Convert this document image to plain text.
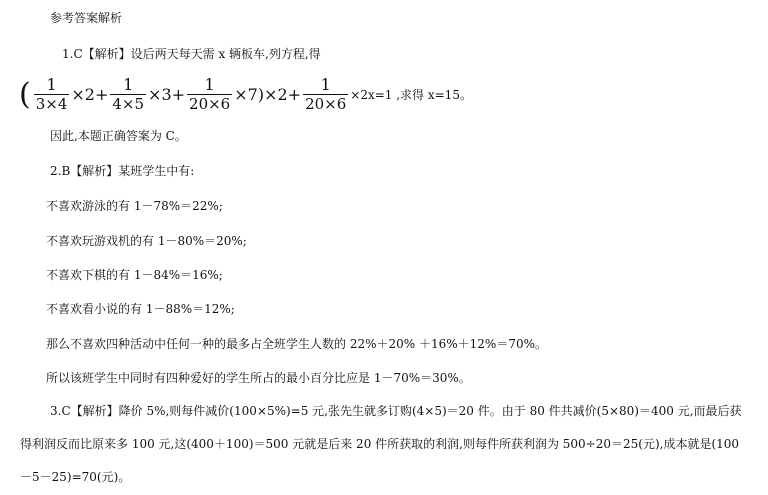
参考答案解析
1.C【解析】设后两天每天需 x 辆板车,列方程,得
( $\frac{1}{3\times 4} \times 2+ \frac{1}{4\times 5} \times 3+ \frac{1}{20\times 6} \times 7)\times 2+ \frac{1}{20\times 6} \times 2x=1$ ,求得 x=15。
因此,本题正确答案为 C。
2.B【解析】某班学生中有:
不喜欢游泳的有 1－78%＝22%;
不喜欢玩游戏机的有 1－80%＝20%;
不喜欢下棋的有 1－84%＝16%;
不喜欢看小说的有 1－88%＝12%;
那么不喜欢四种活动中任何一种的最多占全班学生人数的 22%＋20% ＋16%＋12%＝70%。
所以该班学生中同时有四种爱好的学生所占的最小百分比应是 1－70%＝30%。
3.C【解析】降价 5%,则每件减价(100×5%)=5 元,张先生就多订购(4×5)＝20 件。由于 80 件共减价(5×80)＝400 元,而最后获
得利润反而比原来多 100 元,这(400＋100)＝500 元就是后来 20 件所获取的利润,则每件所获利润为 500÷20＝25(元),成本就是(100
－5－25)=70(元)。
